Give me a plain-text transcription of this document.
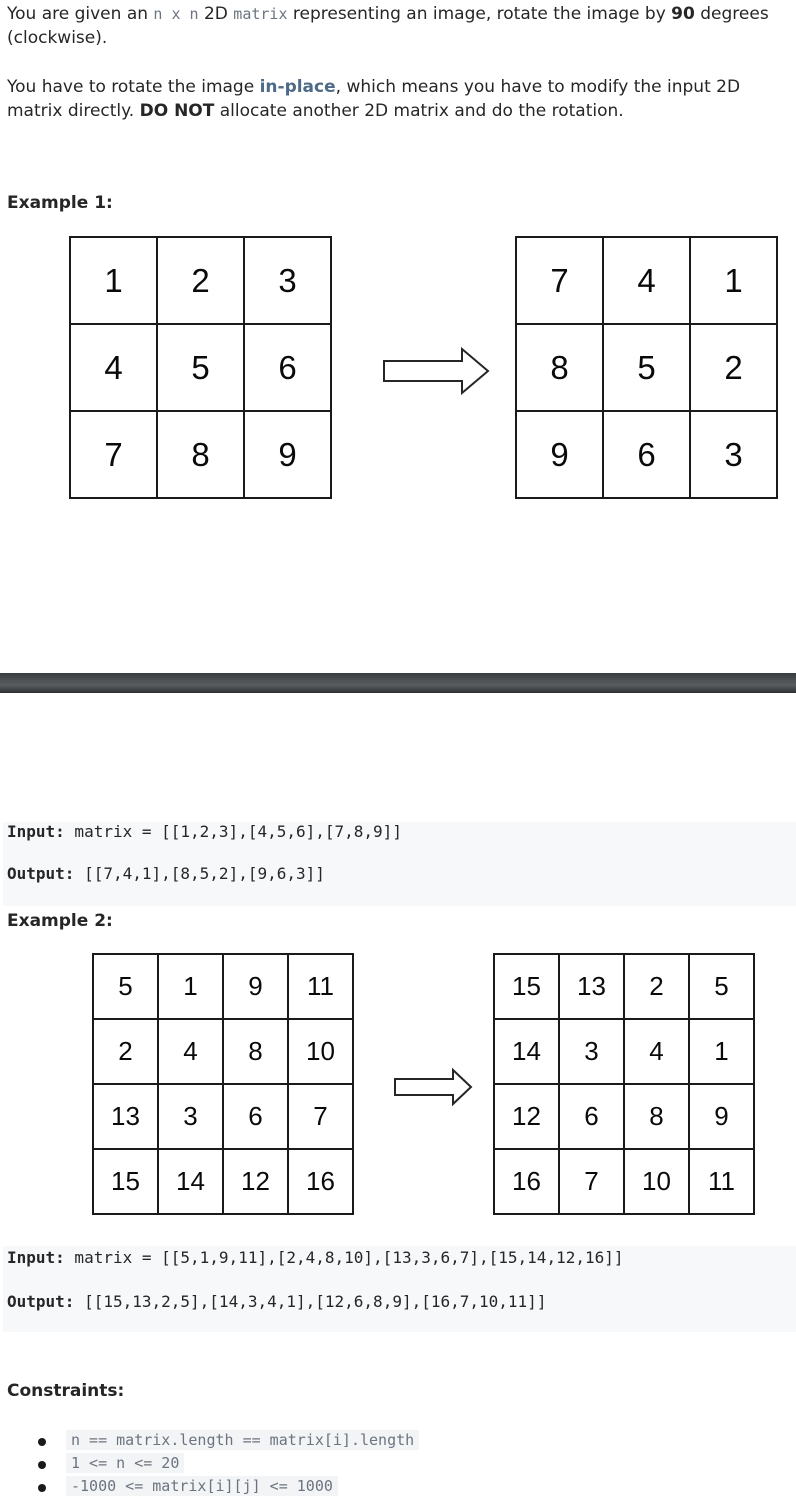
You are given an n x n 2D matrix representing an image, rotate the image by 90 degrees (clockwise).

You have to rotate the image in-place, which means you have to modify the input 2D matrix directly. DO NOT allocate another 2D matrix and do the rotation.

Example 1:

1	2	3
4	5	6
7	8	9
7	4	1
8	5	2
9	6	3
Input: matrix = [[1,2,3],[4,5,6],[7,8,9]]
Output: [[7,4,1],[8,5,2],[9,6,3]]

Example 2:

5	1	9	11
2	4	8	10
13	3	6	7
15	14	12	16
15	13	2	5
14	3	4	1
12	6	8	9
16	7	10	11
Input: matrix = [[5,1,9,11],[2,4,8,10],[13,3,6,7],[15,14,12,16]]
Output: [[15,13,2,5],[14,3,4,1],[12,6,8,9],[16,7,10,11]]

Constraints:

n == matrix.length == matrix[i].length
1 <= n <= 20
-1000 <= matrix[i][j] <= 1000
